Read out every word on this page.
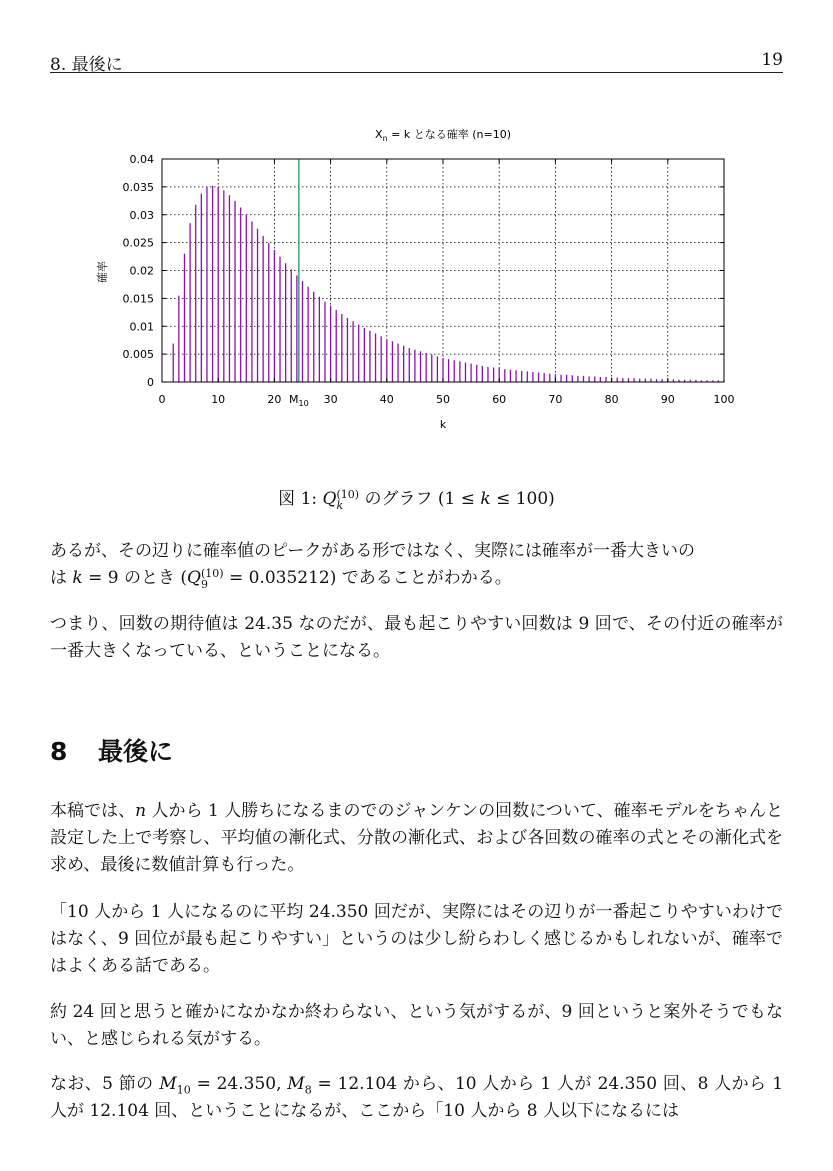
8. 最後に	19
$M_{10}$
0	10	20	30	40	50	60	70	80	90	100
0
0.005
0.01
0.015
0.02
0.025
0.03
0.035
0.04
$X_n = k$ となる確率 (n=10)
k
確率
図 1: Q(10)
k のグラフ (1 ≤ k ≤ 100)
あるが、その辺りに確率値のピークがある形ではなく、実際には確率が一番大きいの
は k = 9 のとき (Q(10)
9 = 0.035212) であることがわかる。
つまり、回数の期待値は 24.35 なのだが、最も起こりやすい回数は 9 回で、その付近の確率が一番大きくなっている、ということになる。
8 最後に
本稿では、n 人から 1 人勝ちになるまのでのジャンケンの回数について、確率モデルをちゃんと設定した上で考察し、平均値の漸化式、分散の漸化式、および各回数の確率の式とその漸化式を求め、最後に数値計算も行った。
「10 人から 1 人になるのに平均 24.350 回だが、実際にはその辺りが一番起こりやすいわけではなく、9 回位が最も起こりやすい」というのは少し紛らわしく感じるかもしれないが、確率ではよくある話である。
約 24 回と思うと確かになかなか終わらない、という気がするが、9 回というと案外そうでもない、と感じられる気がする。
なお、5 節の $M_{10} = 24.350$, $M_8 = 12.104$ から、10 人から 1 人が 24.350 回、8 人から 1 人が 12.104 回、ということになるが、ここから「10 人から 8 人以下になるには
